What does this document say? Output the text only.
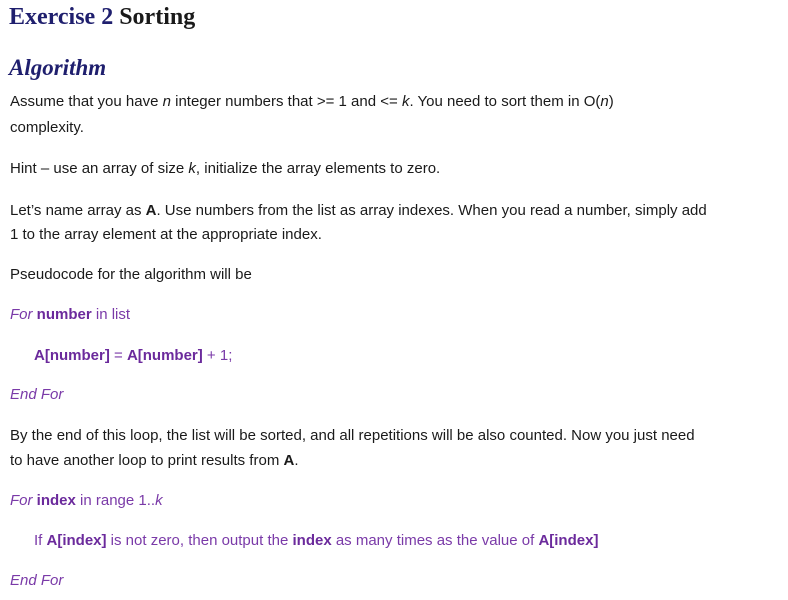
Exercise 2 Sorting
Algorithm

Assume that you have n integer numbers that >= 1 and <= k. You need to sort them in O(n)

complexity.

Hint – use an array of size k, initialize the array elements to zero.

Let’s name array as A. Use numbers from the list as array indexes. When you read a number, simply add

1 to the array element at the appropriate index.

Pseudocode for the algorithm will be

For number in list

A[number] = A[number] + 1;

End For

By the end of this loop, the list will be sorted, and all repetitions will be also counted. Now you just need

to have another loop to print results from A.

For index in range 1..k

If A[index] is not zero, then output the index as many times as the value of A[index]

End For
